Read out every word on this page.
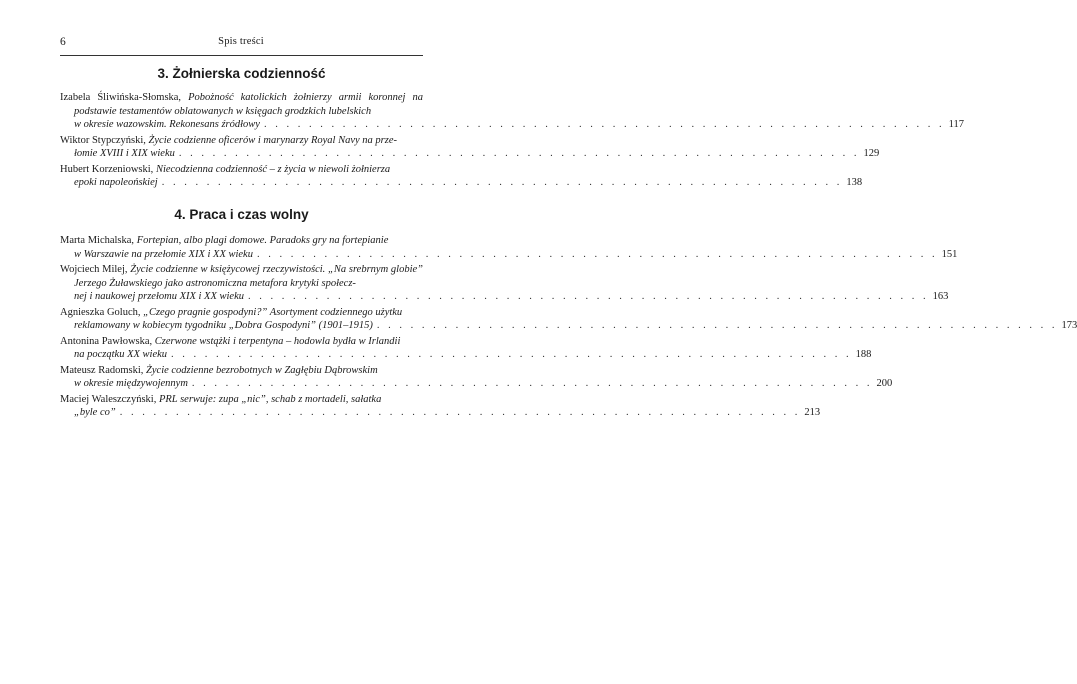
6	Spis treści
3. Żołnierska codzienność
Izabela Śliwińska-Słomska, Pobożność katolickich żołnierzy armii koronnej na podstawie testamentów oblatowanych w księgach grodzkich lubelskich
w okresie wazowskim. Rekonesans źródłowy . . . . . . . . . . . . . . . . . . . . . . . . . . . . . . . . . . . . . . . . . . . . . . . . . . . . . . . . . . . . . 117
Wiktor Stypczyński, Życie codzienne oficerów i marynarzy Royal Navy na prze-
łomie XVIII i XIX wieku . . . . . . . . . . . . . . . . . . . . . . . . . . . . . . . . . . . . . . . . . . . . . . . . . . . . . . . . . . . . . 129
Hubert Korzeniowski, Niecodzienna codzienność – z życia w niewoli żołnierza
epoki napoleońskiej . . . . . . . . . . . . . . . . . . . . . . . . . . . . . . . . . . . . . . . . . . . . . . . . . . . . . . . . . . . . . 138
4. Praca i czas wolny
Marta Michalska, Fortepian, albo plagi domowe. Paradoks gry na fortepianie
w Warszawie na przełomie XIX i XX wieku . . . . . . . . . . . . . . . . . . . . . . . . . . . . . . . . . . . . . . . . . . . . . . . . . . . . . . . . . . . . . 151
Wojciech Milej, Życie codzienne w księżycowej rzeczywistości. „Na srebrnym globie” Jerzego Żuławskiego jako astronomiczna metafora krytyki społecz-
nej i naukowej przełomu XIX i XX wieku . . . . . . . . . . . . . . . . . . . . . . . . . . . . . . . . . . . . . . . . . . . . . . . . . . . . . . . . . . . . . 163
Agnieszka Goluch, „Czego pragnie gospodyni?” Asortyment codziennego użytku
reklamowany w kobiecym tygodniku „Dobra Gospodyni” (1901–1915) . . . . . . . . . . . . . . . . . . . . . . . . . . . . . . . . . . . . . . . . . . . . . . . . . . . . . . . . . . . . . 173
Antonina Pawłowska, Czerwone wstążki i terpentyna – hodowla bydła w Irlandii
na początku XX wieku . . . . . . . . . . . . . . . . . . . . . . . . . . . . . . . . . . . . . . . . . . . . . . . . . . . . . . . . . . . . . 188
Mateusz Radomski, Życie codzienne bezrobotnych w Zagłębiu Dąbrowskim
w okresie międzywojennym . . . . . . . . . . . . . . . . . . . . . . . . . . . . . . . . . . . . . . . . . . . . . . . . . . . . . . . . . . . . . 200
Maciej Waleszczyński, PRL serwuje: zupa „nic”, schab z mortadeli, sałatka
„byle co” . . . . . . . . . . . . . . . . . . . . . . . . . . . . . . . . . . . . . . . . . . . . . . . . . . . . . . . . . . . . . 213
